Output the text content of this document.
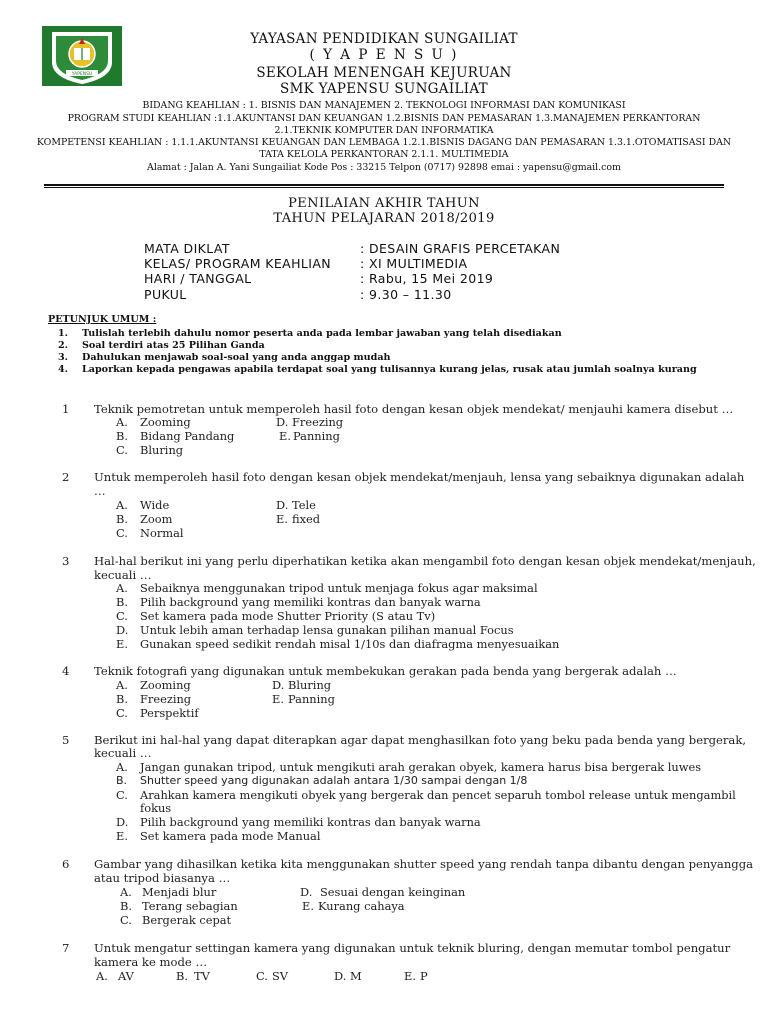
YAPENSU
YAYASAN PENDIDIKAN SUNGAILIAT
( Y A P E N S U )
SEKOLAH MENENGAH KEJURUAN
SMK YAPENSU SUNGAILIAT
BIDANG KEAHLIAN : 1. BISNIS DAN MANAJEMEN 2. TEKNOLOGI INFORMASI DAN KOMUNIKASI
PROGRAM STUDI KEAHLIAN :1.1.AKUNTANSI DAN KEUANGAN 1.2.BISNIS DAN PEMASARAN 1.3.MANAJEMEN PERKANTORAN
2.1.TEKNIK KOMPUTER DAN INFORMATIKA
KOMPETENSI KEAHLIAN : 1.1.1.AKUNTANSI KEUANGAN DAN LEMBAGA 1.2.1.BISNIS DAGANG DAN PEMASARAN 1.3.1.OTOMATISASI DAN
TATA KELOLA PERKANTORAN 2.1.1. MULTIMEDIA
Alamat : Jalan A. Yani Sungailiat Kode Pos : 33215 Telpon (0717) 92898 emai : yapensu@gmail.com
PENILAIAN AKHIR TAHUN
TAHUN PELAJARAN 2018/2019
MATA DIKLAT	: DESAIN GRAFIS PERCETAKAN
KELAS/ PROGRAM KEAHLIAN : XI MULTIMEDIA
HARI / TANGGAL	: Rabu, 15 Mei 2019
PUKUL	: 9.30 – 11.30
PETUNJUK UMUM :
1. Tulislah terlebih dahulu nomor peserta anda pada lembar jawaban yang telah disediakan
2. Soal terdiri atas 25 Pilihan Ganda
3. Dahulukan menjawab soal-soal yang anda anggap mudah
4. Laporkan kepada pengawas apabila terdapat soal yang tulisannya kurang jelas, rusak atau jumlah soalnya kurang
1 Teknik pemotretan untuk memperoleh hasil foto dengan kesan objek mendekat/ menjauhi kamera disebut …
A. Zooming	D. Freezing
B. Bidang Pandang	E. Panning
C. Bluring
2 Untuk memperoleh hasil foto dengan kesan objek mendekat/menjauh, lensa yang sebaiknya digunakan adalah
…
A. Wide	D. Tele
B. Zoom	E. fixed
C. Normal
3 Hal-hal berikut ini yang perlu diperhatikan ketika akan mengambil foto dengan kesan objek mendekat/menjauh,
kecuali …
A. Sebaiknya menggunakan tripod untuk menjaga fokus agar maksimal
B. Pilih background yang memiliki kontras dan banyak warna
C. Set kamera pada mode Shutter Priority (S atau Tv)
D. Untuk lebih aman terhadap lensa gunakan pilihan manual Focus
E. Gunakan speed sedikit rendah misal 1/10s dan diafragma menyesuaikan
4 Teknik fotografi yang digunakan untuk membekukan gerakan pada benda yang bergerak adalah …
A. Zooming	D. Bluring
B. Freezing	E. Panning
C. Perspektif
5 Berikut ini hal-hal yang dapat diterapkan agar dapat menghasilkan foto yang beku pada benda yang bergerak,
kecuali …
A. Jangan gunakan tripod, untuk mengikuti arah gerakan obyek, kamera harus bisa bergerak luwes
B. Shutter speed yang digunakan adalah antara 1/30 sampai dengan 1/8
C. Arahkan kamera mengikuti obyek yang bergerak dan pencet separuh tombol release untuk mengambil
fokus
D. Pilih background yang memiliki kontras dan banyak warna
E. Set kamera pada mode Manual
6 Gambar yang dihasilkan ketika kita menggunakan shutter speed yang rendah tanpa dibantu dengan penyangga
atau tripod biasanya …
A. Menjadi blur	D. Sesuai dengan keinginan
B. Terang sebagian	E. Kurang cahaya
C. Bergerak cepat
7 Untuk mengatur settingan kamera yang digunakan untuk teknik bluring, dengan memutar tombol pengatur
kamera ke mode …
A. AV	B. TV	C. SV	D. M	E. P
